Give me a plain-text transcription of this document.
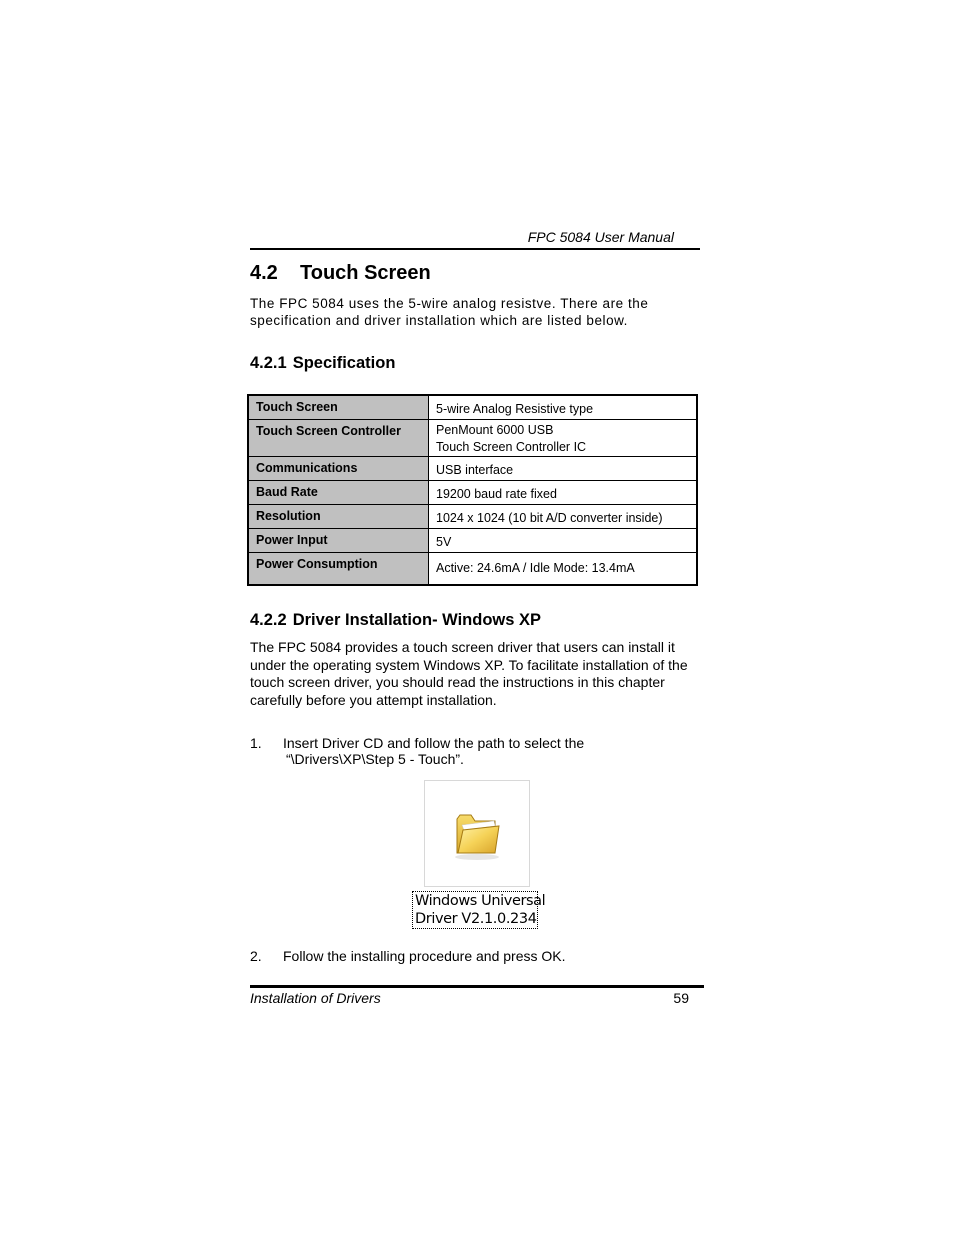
FPC 5084 User Manual
4.2 Touch Screen
The FPC 5084 uses the 5-wire analog resistve. There are the specification and driver installation which are listed below.
4.2.1 Specification
Touch Screen	5-wire Analog Resistive type
Touch Screen Controller	PenMount 6000 USB
Touch Screen Controller IC

Communications	USB interface
Baud Rate	19200 baud rate fixed
Resolution	1024 x 1024 (10 bit A/D converter inside)
Power Input	5V
Power Consumption	Active: 24.6mA / Idle Mode: 13.4mA
4.2.2 Driver Installation- Windows XP
The FPC 5084 provides a touch screen driver that users can install it under the operating system Windows XP. To facilitate installation of the touch screen driver, you should read the instructions in this chapter carefully before you attempt installation.
1. Insert Driver CD and follow the path to select the
“\Drivers\XP\Step 5 - Touch”.
Windows Universal
Driver V2.1.0.234
2. Follow the installing procedure and press OK.
Installation of Drivers	59
